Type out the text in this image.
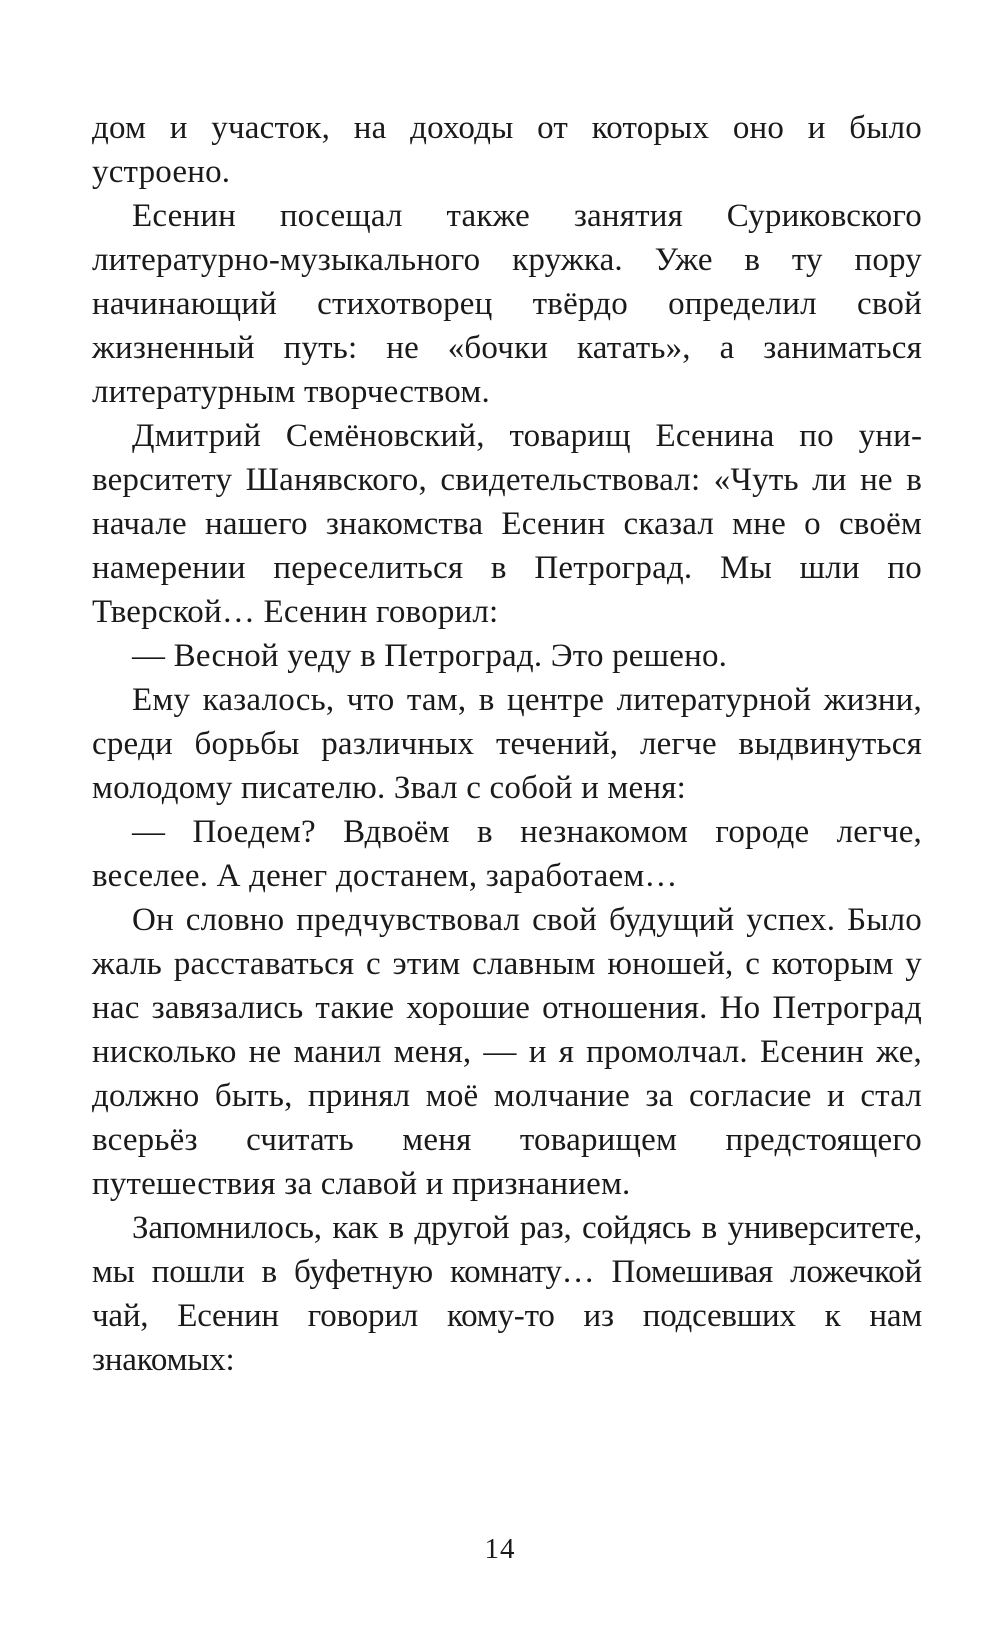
дом и участок, на доходы от которых оно и было устроено.

Есенин посещал также занятия Суриковского литературно-музыкального кружка. Уже в ту пору начинающий стихотворец твёрдо определил свой жизненный путь: не «бочки катать», а заниматься литературным творчеством.

Дмитрий Семёновский, товарищ Есенина по университету Шанявского, свидетельствовал: «Чуть ли не в начале нашего знакомства Есенин сказал мне о своём намерении переселиться в Петроград. Мы шли по Тверской… Есенин говорил:

— Весной уеду в Петроград. Это решено.

Ему казалось, что там, в центре литературной жизни, среди борьбы различных течений, легче выдвинуться молодому писателю. Звал с собой и меня:

— Поедем? Вдвоём в незнакомом городе легче, веселее. А денег достанем, заработаем…

Он словно предчувствовал свой будущий успех. Было жаль расставаться с этим славным юношей, с которым у нас завязались такие хорошие отношения. Но Петроград нисколько не манил меня, — и я промолчал. Есенин же, должно быть, принял моё молчание за согласие и стал всерьёз считать меня товарищем предстоящего путешествия за славой и признанием.

Запомнилось, как в другой раз, сойдясь в университете, мы пошли в буфетную комнату… Помешивая ложечкой чай, Есенин говорил кому-то из подсевших к нам знакомых:

14
